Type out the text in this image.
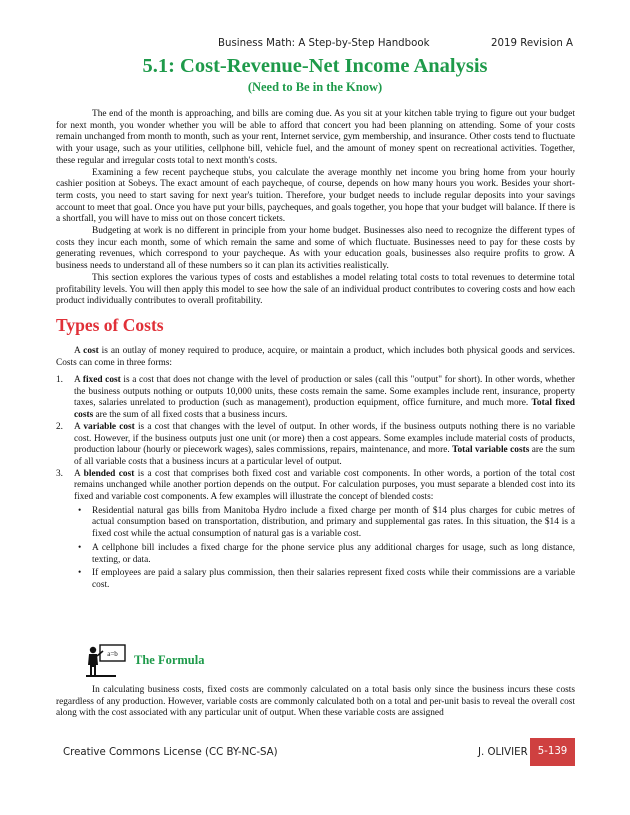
Business Math: A Step-by-Step Handbook	2019 Revision A
5.1: Cost-Revenue-Net Income Analysis
(Need to Be in the Know)

The end of the month is approaching, and bills are coming due. As you sit at your kitchen table trying to figure out your budget for next month, you wonder whether you will be able to afford that concert you had been planning on attending. Some of your costs remain unchanged from month to month, such as your rent, Internet service, gym membership, and insurance. Other costs tend to fluctuate with your usage, such as your utilities, cellphone bill, vehicle fuel, and the amount of money spent on recreational activities. Together, these regular and irregular costs total to next month's costs.

Examining a few recent paycheque stubs, you calculate the average monthly net income you bring home from your hourly cashier position at Sobeys. The exact amount of each paycheque, of course, depends on how many hours you work. Besides your short-term costs, you need to start saving for next year's tuition. Therefore, your budget needs to include regular deposits into your savings account to meet that goal. Once you have put your bills, paycheques, and goals together, you hope that your budget will balance. If there is a shortfall, you will have to miss out on those concert tickets.

Budgeting at work is no different in principle from your home budget. Businesses also need to recognize the different types of costs they incur each month, some of which remain the same and some of which fluctuate. Businesses need to pay for these costs by generating revenues, which correspond to your paycheque. As with your education goals, businesses also require profits to grow. A business needs to understand all of these numbers so it can plan its activities realistically.

This section explores the various types of costs and establishes a model relating total costs to total revenues to determine total profitability levels. You will then apply this model to see how the sale of an individual product contributes to covering costs and how each product individually contributes to overall profitability.

Types of Costs

A cost is an outlay of money required to produce, acquire, or maintain a product, which includes both physical goods and services. Costs can come in three forms:

1. A fixed cost is a cost that does not change with the level of production or sales (call this "output" for short). In other words, whether the business outputs nothing or outputs 10,000 units, these costs remain the same. Some examples include rent, insurance, property taxes, salaries unrelated to production (such as management), production equipment, office furniture, and much more. Total fixed costs are the sum of all fixed costs that a business incurs.
2. A variable cost is a cost that changes with the level of output. In other words, if the business outputs nothing there is no variable cost. However, if the business outputs just one unit (or more) then a cost appears. Some examples include material costs of products, production labour (hourly or piecework wages), sales commissions, repairs, maintenance, and more. Total variable costs are the sum of all variable costs that a business incurs at a particular level of output.
3. A blended cost is a cost that comprises both fixed cost and variable cost components. In other words, a portion of the total cost remains unchanged while another portion depends on the output. For calculation purposes, you must separate a blended cost into its fixed and variable cost components. A few examples will illustrate the concept of blended costs:
• Residential natural gas bills from Manitoba Hydro include a fixed charge per month of $14 plus charges for cubic metres of actual consumption based on transportation, distribution, and primary and supplemental gas rates. In this situation, the $14 is a fixed cost while the actual consumption of natural gas is a variable cost.
• A cellphone bill includes a fixed charge for the phone service plus any additional charges for usage, such as long distance, texting, or data.
• If employees are paid a salary plus commission, then their salaries represent fixed costs while their commissions are a variable cost.
a=b The Formula

In calculating business costs, fixed costs are commonly calculated on a total basis only since the business incurs these costs regardless of any production. However, variable costs are commonly calculated both on a total and per-unit basis to reveal the overall cost along with the cost associated with any particular unit of output. When these variable costs are assigned

Creative Commons License (CC BY-NC-SA)	J. OLIVIER 5-139
